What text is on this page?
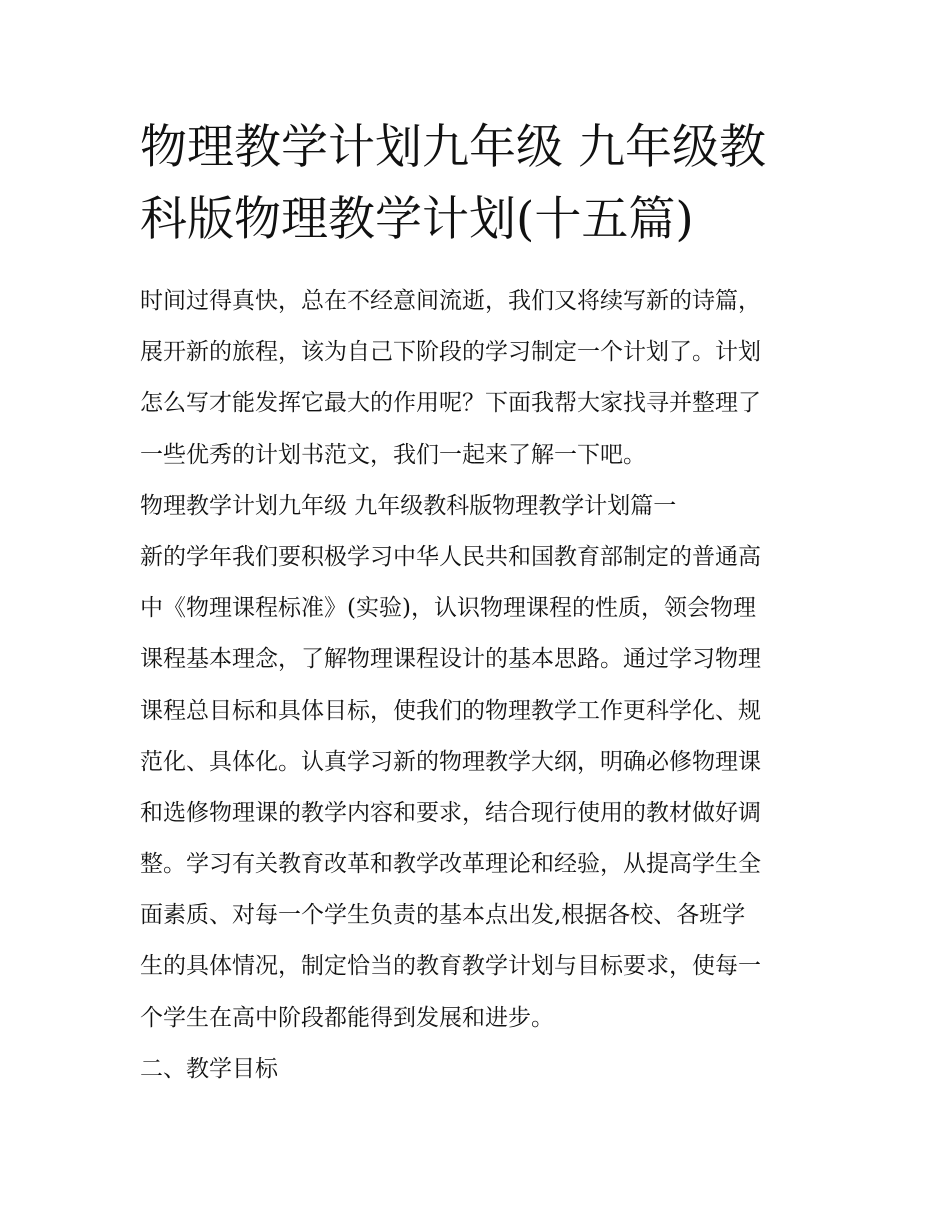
物理教学计划九年级 九年级教
科版物理教学计划(十五篇)
时间过得真快，总在不经意间流逝，我们又将续写新的诗篇，
展开新的旅程，该为自己下阶段的学习制定一个计划了。计划
怎么写才能发挥它最大的作用呢？下面我帮大家找寻并整理了
一些优秀的计划书范文，我们一起来了解一下吧。
物理教学计划九年级 九年级教科版物理教学计划篇一
新的学年我们要积极学习中华人民共和国教育部制定的普通高
中《物理课程标准》(实验)，认识物理课程的性质，领会物理
课程基本理念，了解物理课程设计的基本思路。通过学习物理
课程总目标和具体目标，使我们的物理教学工作更科学化、规
范化、具体化。认真学习新的物理教学大纲，明确必修物理课
和选修物理课的教学内容和要求，结合现行使用的教材做好调
整。学习有关教育改革和教学改革理论和经验，从提高学生全
面素质、对每一个学生负责的基本点出发,根据各校、各班学
生的具体情况，制定恰当的教育教学计划与目标要求，使每一
个学生在高中阶段都能得到发展和进步。
二、教学目标
